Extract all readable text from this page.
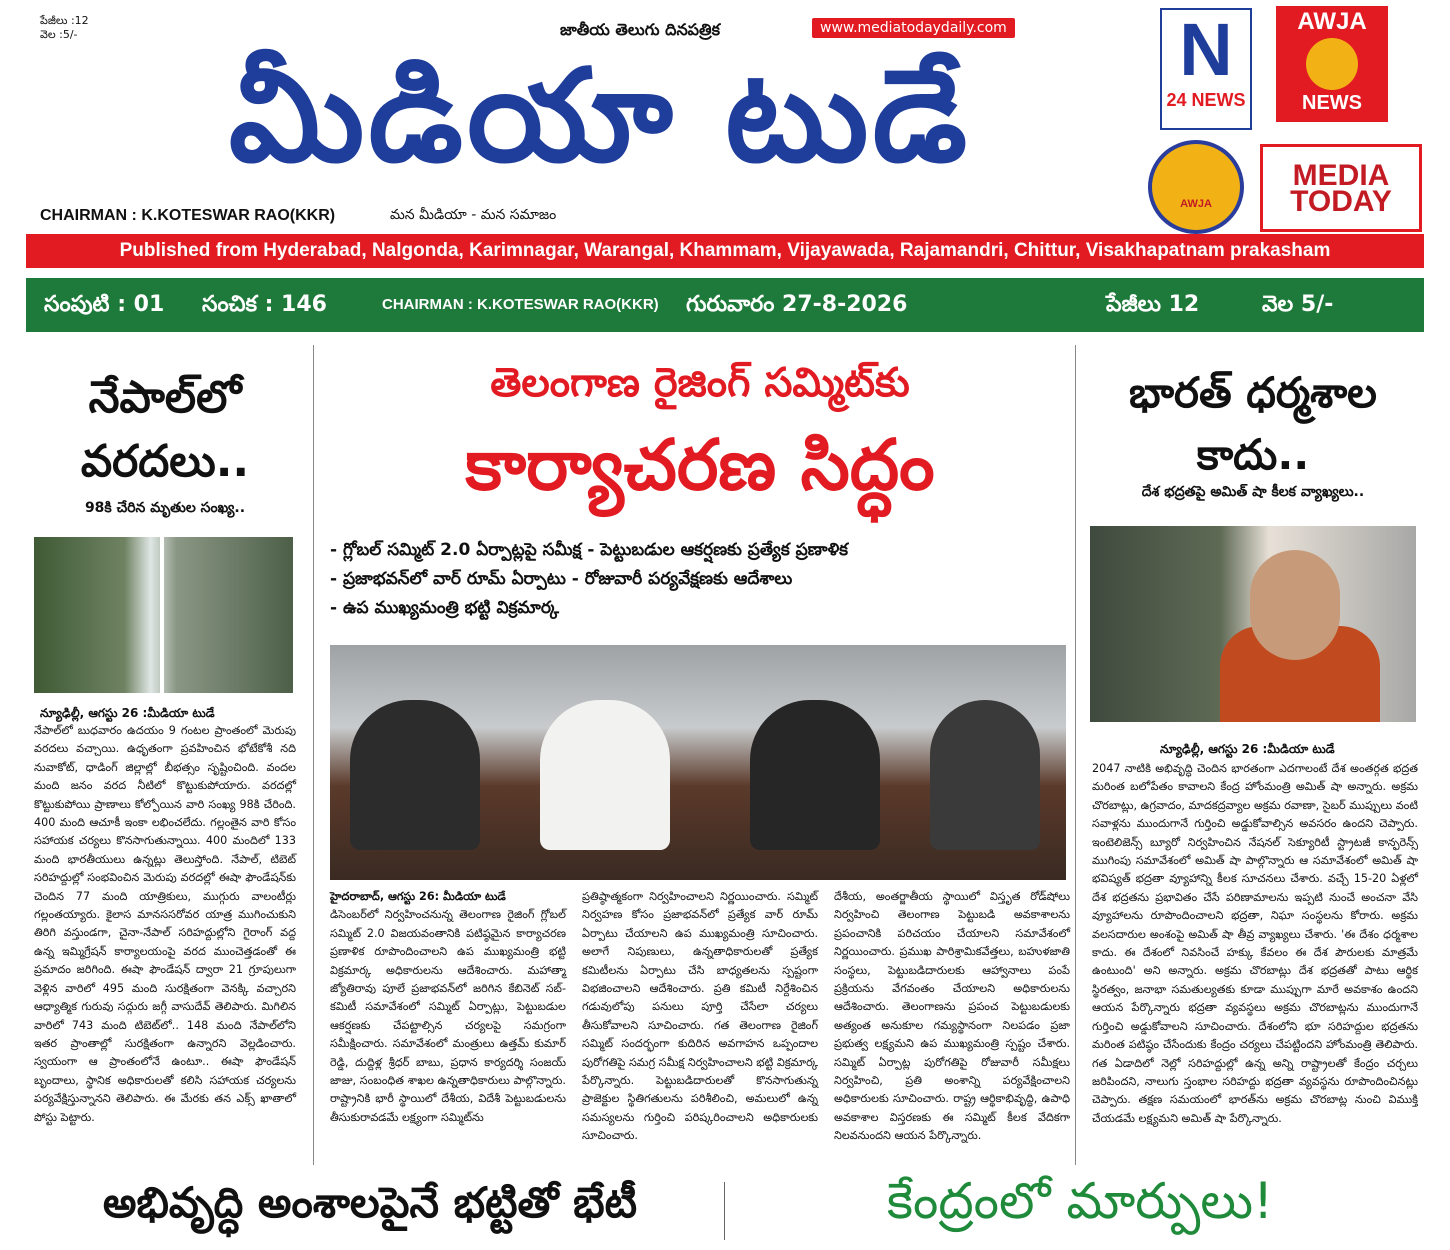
పేజీలు :12
వెల :5/-	జాతీయ తెలుగు దినపత్రిక	www.mediatodaydaily.com
మీడియా టుడే
CHAIRMAN : K.KOTESWAR RAO(KKR)	మన మీడియా - మన సమాజం
N
24 NEWS
AWJA
NEWS
AWJA
MEDIA TODAY
Published from Hyderabad, Nalgonda, Karimnagar, Warangal, Khammam, Vijayawada, Rajamandri, Chittur, Visakhapatnam prakasham
సంపుటి : 01 సంచిక : 146	CHAIRMAN : K.KOTESWAR RAO(KKR) గురువారం 27-8-2026	పేజీలు 12	వెల 5/-
నేపాల్‌లో వరదలు..
98కి చేరిన మృతుల సంఖ్య..
న్యూఢిల్లీ, ఆగస్టు 26 :మీడియా టుడే
నేపాల్‌లో బుధవారం ఉదయం 9 గంటల ప్రాంతంలో మెరుపు వరదలు వచ్చాయి. ఉధృతంగా ప్రవహించిన భోటేకోశీ నది నువాకోట్, ధాడింగ్ జిల్లాల్లో బీభత్సం సృష్టించింది. వందల మంది జనం వరద నీటిలో కొట్టుకుపోయారు. వరదల్లో కొట్టుకుపోయి ప్రాణాలు కోల్పోయిన వారి సంఖ్య 98కి చేరింది. 400 మంది ఆచూకీ ఇంకా లభించలేదు. గల్లంతైన వారి కోసం సహాయక చర్యలు కొనసాగుతున్నాయి. 400 మందిలో 133 మంది భారతీయులు ఉన్నట్లు తెలుస్తోంది. నేపాల్, టిబెట్ సరిహద్దుల్లో సంభవించిన మెరుపు వరదల్లో ఈషా ఫౌండేషన్‌కు చెందిన 77 మంది యాత్రికులు, ముగ్గురు వాలంటీర్లు గల్లంతయ్యారు. కైలాస మానససరోవర యాత్ర ముగించుకుని తిరిగి వస్తుండగా, చైనా-నేపాల్ సరిహద్దుల్లోని గైరాంగ్ వద్ద ఉన్న ఇమ్మిగ్రేషన్ కార్యాలయంపై వరద ముంచెత్తడంతో ఈ ప్రమాదం జరిగింది. ఈషా ఫౌండేషన్ ద్వారా 21 గ్రూపులుగా వెళ్లిన వారిలో 495 మంది సురక్షితంగా వెనక్కి వచ్చారని ఆధ్యాత్మిక గురువు సద్గురు జగ్గీ వాసుదేవ్ తెలిపారు. మిగిలిన వారిలో 743 మంది టిబెట్‌లో.. 148 మంది నేపాల్‌లోని ఇతర ప్రాంతాల్లో సురక్షితంగా ఉన్నారని వెల్లడించారు. స్వయంగా ఆ ప్రాంతంలోనే ఉంటూ.. ఈషా ఫౌండేషన్ బృందాలు, స్థానిక అధికారులతో కలిసి సహాయక చర్యలను పర్యవేక్షిస్తున్నానని తెలిపారు. ఈ మేరకు తన ఎక్స్ ఖాతాలో పోస్టు పెట్టారు.
తెలంగాణ రైజింగ్ సమ్మిట్‌కు
కార్యాచరణ సిద్ధం
- గ్లోబల్ సమ్మిట్ 2.0 ఏర్పాట్లపై సమీక్ష - పెట్టుబడుల ఆకర్షణకు ప్రత్యేక ప్రణాళిక
- ప్రజాభవన్‌లో వార్ రూమ్ ఏర్పాటు - రోజువారీ పర్యవేక్షణకు ఆదేశాలు
- ఉప ముఖ్యమంత్రి భట్టి విక్రమార్క
హైదరాబాద్, ఆగస్టు 26: మీడియా టుడే
డిసెంబర్‌లో నిర్వహించనున్న తెలంగాణ రైజింగ్ గ్లోబల్ సమ్మిట్ 2.0 విజయవంతానికి పటిష్ఠమైన కార్యాచరణ ప్రణాళిక రూపొందించాలని ఉప ముఖ్యమంత్రి భట్టి విక్రమార్క అధికారులను ఆదేశించారు. మహాత్మా జ్యోతిరావు పూలే ప్రజాభవన్‌లో జరిగిన కేబినెట్ సబ్-కమిటీ సమావేశంలో సమ్మిట్ ఏర్పాట్లు, పెట్టుబడుల ఆకర్షణకు చేపట్టాల్సిన చర్యలపై సమగ్రంగా సమీక్షించారు. సమావేశంలో మంత్రులు ఉత్తమ్ కుమార్ రెడ్డి, దుద్దిళ్ల శ్రీధర్ బాబు, ప్రధాన కార్యదర్శి సంజయ్ జాజు, సంబంధిత శాఖల ఉన్నతాధికారులు పాల్గొన్నారు. రాష్ట్రానికి భారీ స్థాయిలో దేశీయ, విదేశీ పెట్టుబడులను తీసుకురావడమే లక్ష్యంగా సమ్మిట్‌ను
ప్రతిష్ఠాత్మకంగా నిర్వహించాలని నిర్ణయించారు. సమ్మిట్ నిర్వహణ కోసం ప్రజాభవన్‌లో ప్రత్యేక వార్ రూమ్ ఏర్పాటు చేయాలని ఉప ముఖ్యమంత్రి సూచించారు. అలాగే నిపుణులు, ఉన్నతాధికారులతో ప్రత్యేక కమిటీలను ఏర్పాటు చేసి బాధ్యతలను స్పష్టంగా విభజించాలని ఆదేశించారు. ప్రతి కమిటీ నిర్దేశించిన గడువులోపు పనులు పూర్తి చేసేలా చర్యలు తీసుకోవాలని సూచించారు. గత తెలంగాణ రైజింగ్ సమ్మిట్ సందర్భంగా కుదిరిన అవగాహన ఒప్పందాల పురోగతిపై సమగ్ర సమీక్ష నిర్వహించాలని భట్టి విక్రమార్క పేర్కొన్నారు. పెట్టుబడిదారులతో కొనసాగుతున్న ప్రాజెక్టుల స్థితిగతులను పరిశీలించి, అమలులో ఉన్న సమస్యలను గుర్తించి పరిష్కరించాలని అధికారులకు సూచించారు.
దేశీయ, అంతర్జాతీయ స్థాయిలో విస్తృత రోడ్‌షోలు నిర్వహించి తెలంగాణ పెట్టుబడి అవకాశాలను ప్రపంచానికి పరిచయం చేయాలని సమావేశంలో నిర్ణయించారు. ప్రముఖ పారిశ్రామికవేత్తలు, బహుళజాతి సంస్థలు, పెట్టుబడిదారులకు ఆహ్వానాలు పంపే ప్రక్రియను వేగవంతం చేయాలని అధికారులను ఆదేశించారు. తెలంగాణను ప్రపంచ పెట్టుబడులకు అత్యంత అనుకూల గమ్యస్థానంగా నిలపడం ప్రజా ప్రభుత్వ లక్ష్యమని ఉప ముఖ్యమంత్రి స్పష్టం చేశారు. సమ్మిట్ ఏర్పాట్ల పురోగతిపై రోజువారీ సమీక్షలు నిర్వహించి, ప్రతి అంశాన్ని పర్యవేక్షించాలని అధికారులకు సూచించారు. రాష్ట్ర ఆర్థికాభివృద్ధి, ఉపాధి అవకాశాల విస్తరణకు ఈ సమ్మిట్ కీలక వేదికగా నిలవనుందని ఆయన పేర్కొన్నారు.
భారత్ ధర్మశాల కాదు..
దేశ భద్రతపై అమిత్ షా కీలక వ్యాఖ్యలు..
న్యూఢిల్లీ, ఆగస్టు 26 :మీడియా టుడే
2047 నాటికి అభివృద్ధి చెందిన భారతంగా ఎదగాలంటే దేశ అంతర్గత భద్రత మరింత బలోపేతం కావాలని కేంద్ర హోంమంత్రి అమిత్ షా అన్నారు. అక్రమ చొరబాట్లు, ఉగ్రవాదం, మాదకద్రవ్యాల అక్రమ రవాణా, సైబర్ ముప్పులు వంటి సవాళ్లను ముందుగానే గుర్తించి అడ్డుకోవాల్సిన అవసరం ఉందని చెప్పారు. ఇంటెలిజెన్స్ బ్యూరో నిర్వహించిన నేషనల్ సెక్యూరిటీ స్ట్రాటజీ కాన్ఫరెన్స్ ముగింపు సమావేశంలో అమిత్ షా పాల్గొన్నారు ఆ సమావేశంలో అమిత్ షా భవిష్యత్ భద్రతా వ్యూహాన్ని కీలక సూచనలు చేశారు. వచ్చే 15-20 ఏళ్లలో దేశ భద్రతను ప్రభావితం చేసే పరిణామాలను ఇప్పటి నుంచే అంచనా వేసి వ్యూహాలను రూపొందించాలని భద్రతా, నిఘా సంస్థలను కోరారు. అక్రమ వలసదారుల అంశంపై అమిత్ షా తీవ్ర వ్యాఖ్యలు చేశారు. 'ఈ దేశం ధర్మశాల కాదు. ఈ దేశంలో నివసించే హక్కు కేవలం ఈ దేశ పౌరులకు మాత్రమే ఉంటుంది' అని అన్నారు. అక్రమ చొరబాట్లు దేశ భద్రతతో పాటు ఆర్థిక స్థిరత్వం, జనాభా సమతుల్యతకు కూడా ముప్పుగా మారే అవకాశం ఉందని ఆయన పేర్కొన్నారు భద్రతా వ్యవస్థలు అక్రమ చొరబాట్లను ముందుగానే గుర్తించి అడ్డుకోవాలని సూచించారు. దేశంలోని భూ సరిహద్దుల భద్రతను మరింత పటిష్ఠం చేసేందుకు కేంద్రం చర్యలు చేపట్టిందని హోంమంత్రి తెలిపారు. గత ఏడాదిలో నెల్లో సరిహద్దుల్లో ఉన్న అన్ని రాష్ట్రాలతో కేంద్రం చర్చలు జరిపిందని, నాలుగు స్తంభాల సరిహద్దు భద్రతా వ్యవస్థను రూపొందించినట్లు చెప్పారు. తక్షణ సమయంలో భారత్‌ను అక్రమ చొరబాట్ల నుంచి విముక్తి చేయడమే లక్ష్యమని అమిత్ షా పేర్కొన్నారు.
అభివృద్ధి అంశాలపైనే భట్టితో భేటీ	కేంద్రంలో మార్పులు!
